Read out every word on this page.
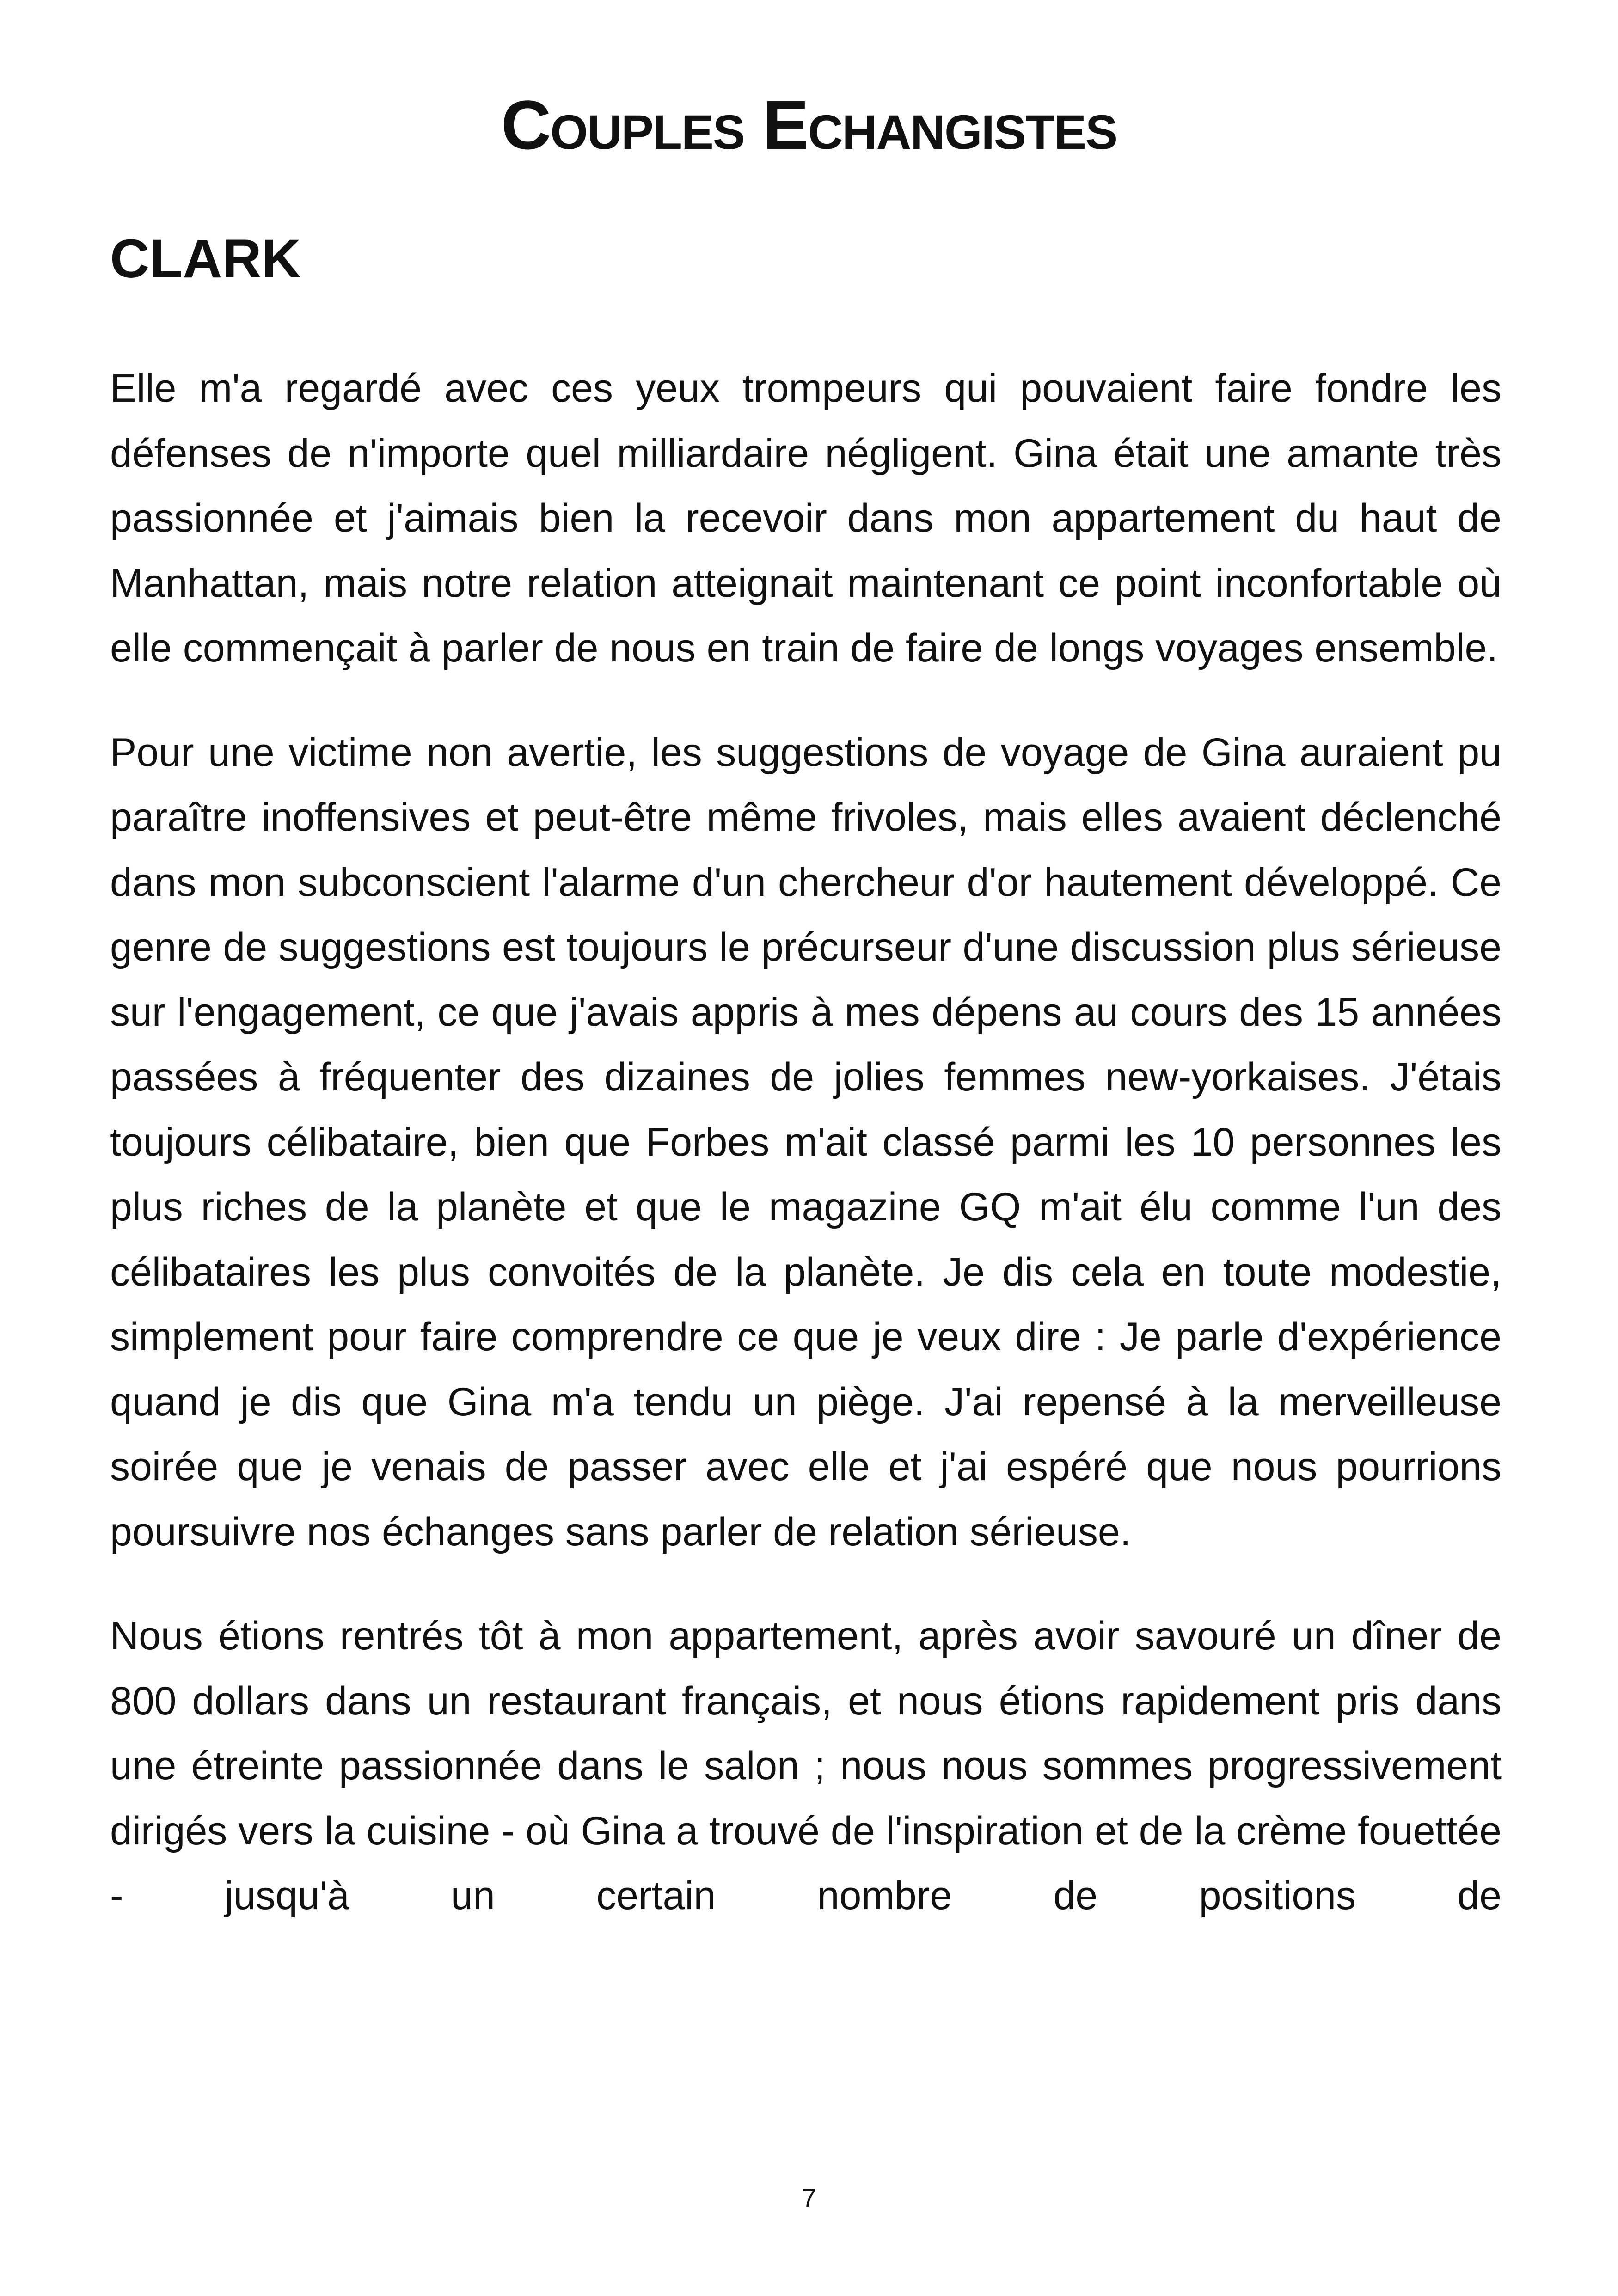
Couples Echangistes
CLARK

Elle m'a regardé avec ces yeux trompeurs qui pouvaient faire fondre les défenses de n'importe quel milliardaire négligent. Gina était une amante très passionnée et j'aimais bien la recevoir dans mon appartement du haut de Manhattan, mais notre relation atteignait maintenant ce point inconfortable où elle commençait à parler de nous en train de faire de longs voyages ensemble.

Pour une victime non avertie, les suggestions de voyage de Gina auraient pu paraître inoffensives et peut-être même frivoles, mais elles avaient déclenché dans mon subconscient l'alarme d'un chercheur d'or hautement développé. Ce genre de suggestions est toujours le précurseur d'une discussion plus sérieuse sur l'engagement, ce que j'avais appris à mes dépens au cours des 15 années passées à fréquenter des dizaines de jolies femmes new-yorkaises. J'étais toujours célibataire, bien que Forbes m'ait classé parmi les 10 personnes les plus riches de la planète et que le magazine GQ m'ait élu comme l'un des célibataires les plus convoités de la planète. Je dis cela en toute modestie, simplement pour faire comprendre ce que je veux dire : Je parle d'expérience quand je dis que Gina m'a tendu un piège. J'ai repensé à la merveilleuse soirée que je venais de passer avec elle et j'ai espéré que nous pourrions poursuivre nos échanges sans parler de relation sérieuse.

Nous étions rentrés tôt à mon appartement, après avoir savouré un dîner de 800 dollars dans un restaurant français, et nous étions rapidement pris dans une étreinte passionnée dans le salon ; nous nous sommes progressivement dirigés vers la cuisine - où Gina a trouvé de l'inspiration et de la crème fouettée - jusqu'à un certain nombre de positions de

7
